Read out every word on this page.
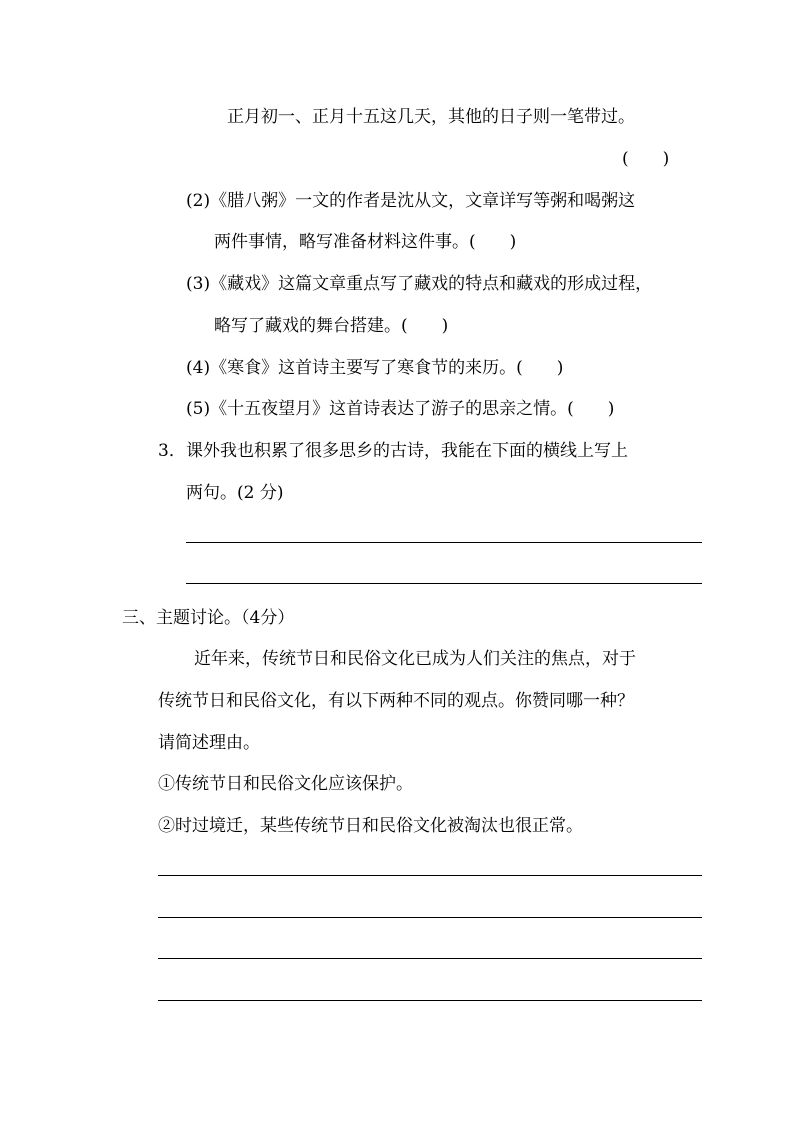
正月初一、正月十五这几天，其他的日子则一笔带过。
(　　)
(2)《腊八粥》一文的作者是沈从文，文章详写等粥和喝粥这
两件事情，略写准备材料这件事。(　　)
(3)《藏戏》这篇文章重点写了藏戏的特点和藏戏的形成过程，
略写了藏戏的舞台搭建。(　　)
(4)《寒食》这首诗主要写了寒食节的来历。(　　)
(5)《十五夜望月》这首诗表达了游子的思亲之情。(　　)
3． 课外我也积累了很多思乡的古诗，我能在下面的横线上写上
两句。(2 分)
三、主题讨论。（4分）
近年来，传统节日和民俗文化已成为人们关注的焦点，对于
传统节日和民俗文化，有以下两种不同的观点。你赞同哪一种？
请简述理由。
①传统节日和民俗文化应该保护。
②时过境迁，某些传统节日和民俗文化被淘汰也很正常。
